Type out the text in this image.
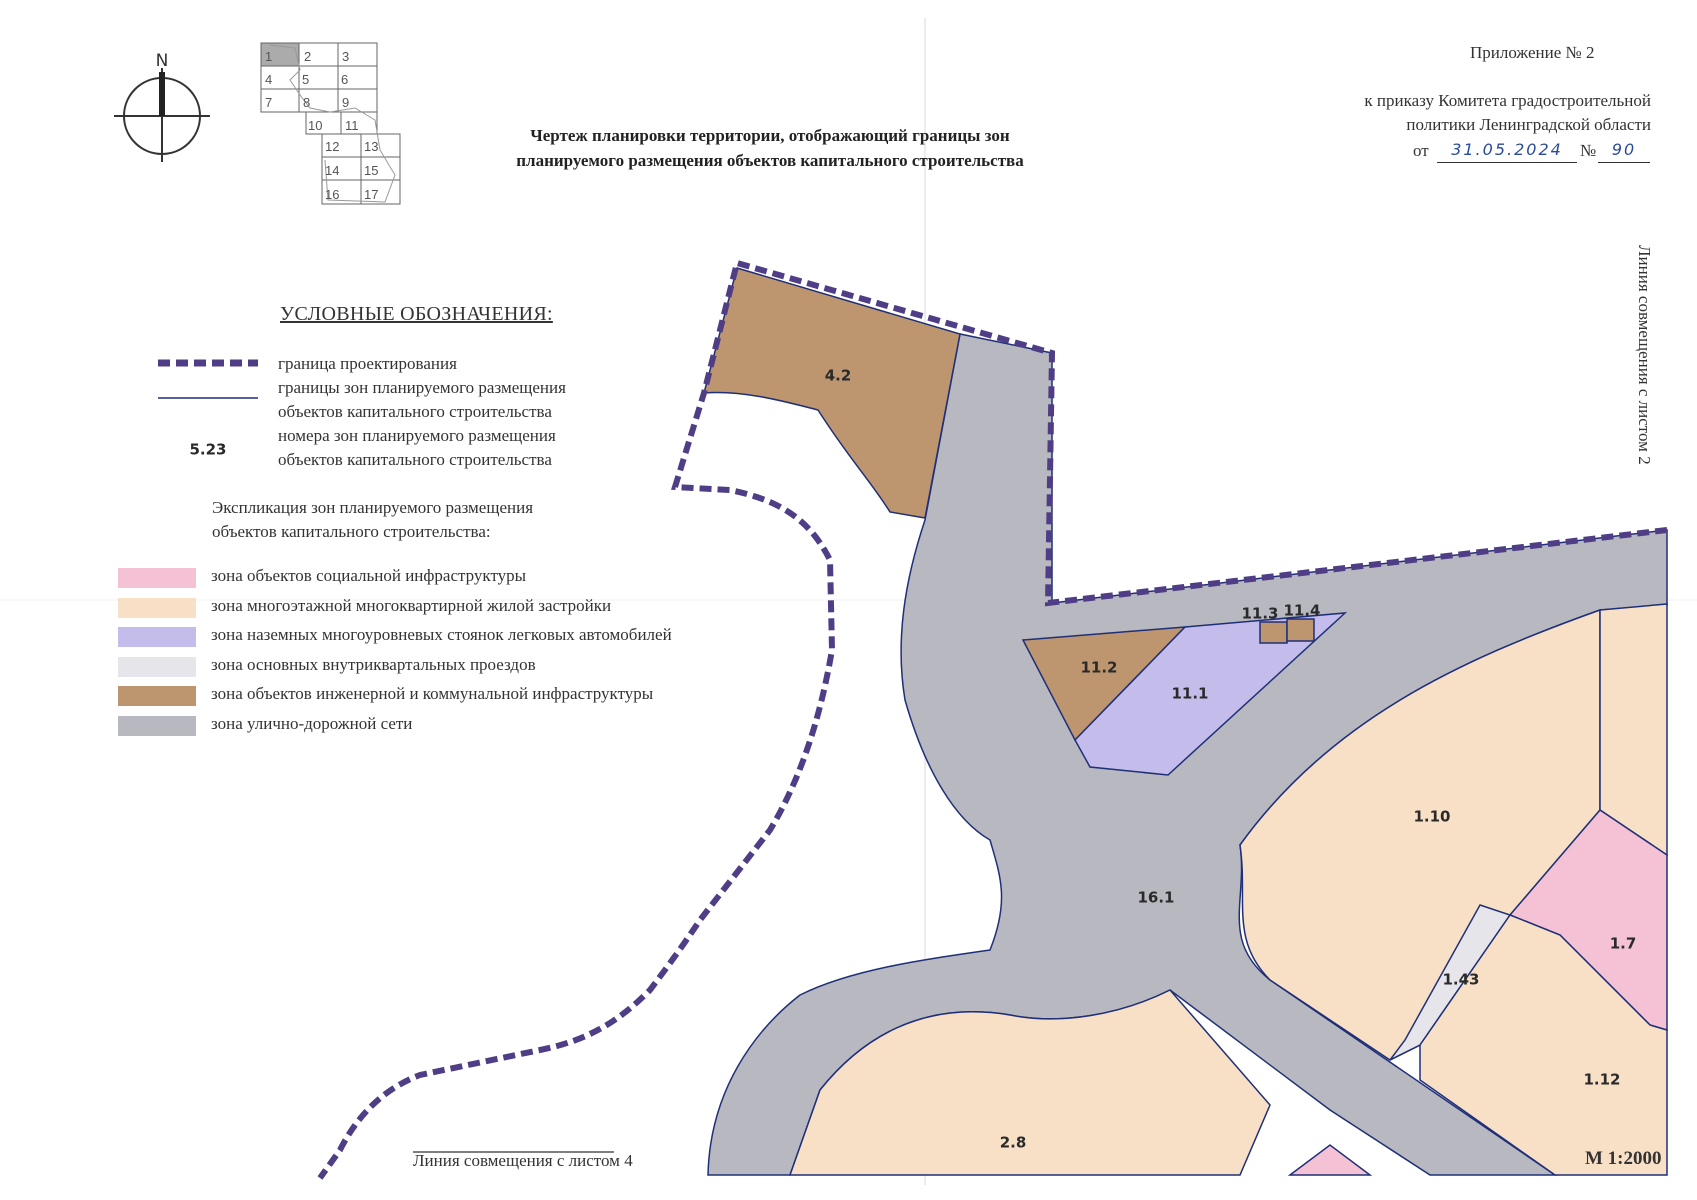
N
4.2
11.3 11.4
11.2
11.1
1.10
16.1
1.7
1.43
1.12
2.8
5.23
1 2 3
4 5 6
7 8 9
10 11
12 13
14 15
16 17
Приложение № 2
к приказу Комитета градостроительной
политики Ленинградской области
от	31.05.2024	№ 90
Чертеж планировки территории, отображающий границы зон
планируемого размещения объектов капитального строительства
УСЛОВНЫЕ ОБОЗНАЧЕНИЯ:
граница проектирования
границы зон планируемого размещения
объектов капитального строительства
номера зон планируемого размещения
объектов капитального строительства
Экспликация зон планируемого размещения
объектов капитального строительства:
зона объектов социальной инфраструктуры
зона многоэтажной многоквартирной жилой застройки
зона наземных многоуровневых стоянок легковых автомобилей
зона основных внутриквартальных проездов
зона объектов инженерной и коммунальной инфраструктуры
зона улично-дорожной сети
Линия совмещения с листом 2
Линия совмещения с листом 4	М 1:2000
